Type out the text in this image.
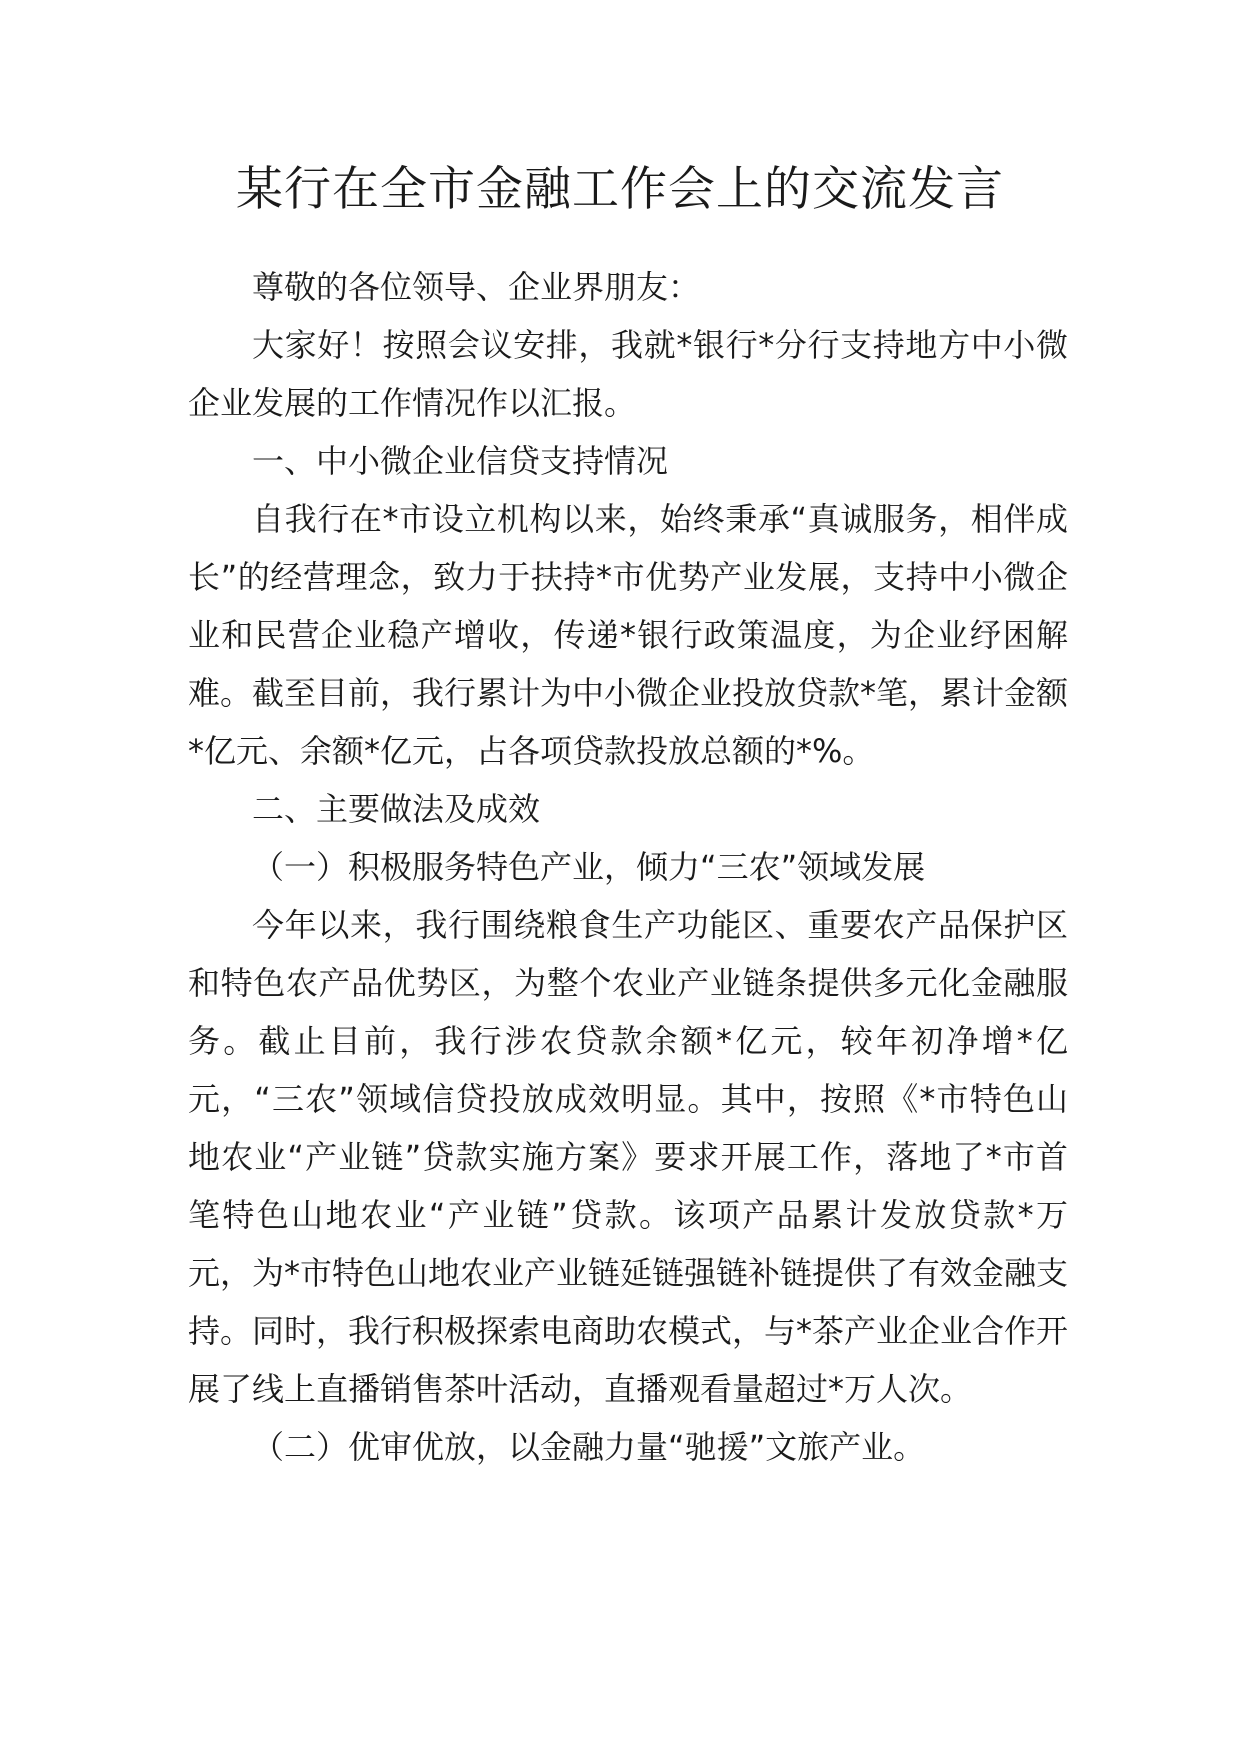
某行在全市金融工作会上的交流发言

尊敬的各位领导、企业界朋友：

大家好！按照会议安排，我就*银行*分行支持地方中小微企业发展的工作情况作以汇报。

一、中小微企业信贷支持情况

自我行在*市设立机构以来，始终秉承“真诚服务，相伴成长”的经营理念，致力于扶持*市优势产业发展，支持中小微企业和民营企业稳产增收，传递*银行政策温度，为企业纾困解难。截至目前，我行累计为中小微企业投放贷款*笔，累计金额*亿元、余额*亿元，占各项贷款投放总额的*%。

二、主要做法及成效

（一）积极服务特色产业，倾力“三农”领域发展

今年以来，我行围绕粮食生产功能区、重要农产品保护区和特色农产品优势区，为整个农业产业链条提供多元化金融服务。截止目前，我行涉农贷款余额*亿元，较年初净增*亿元，“三农”领域信贷投放成效明显。其中，按照《*市特色山地农业“产业链”贷款实施方案》要求开展工作，落地了*市首笔特色山地农业“产业链”贷款。该项产品累计发放贷款*万元，为*市特色山地农业产业链延链强链补链提供了有效金融支持。同时，我行积极探索电商助农模式，与*茶产业企业合作开展了线上直播销售茶叶活动，直播观看量超过*万人次。

（二）优审优放，以金融力量“驰援”文旅产业。
